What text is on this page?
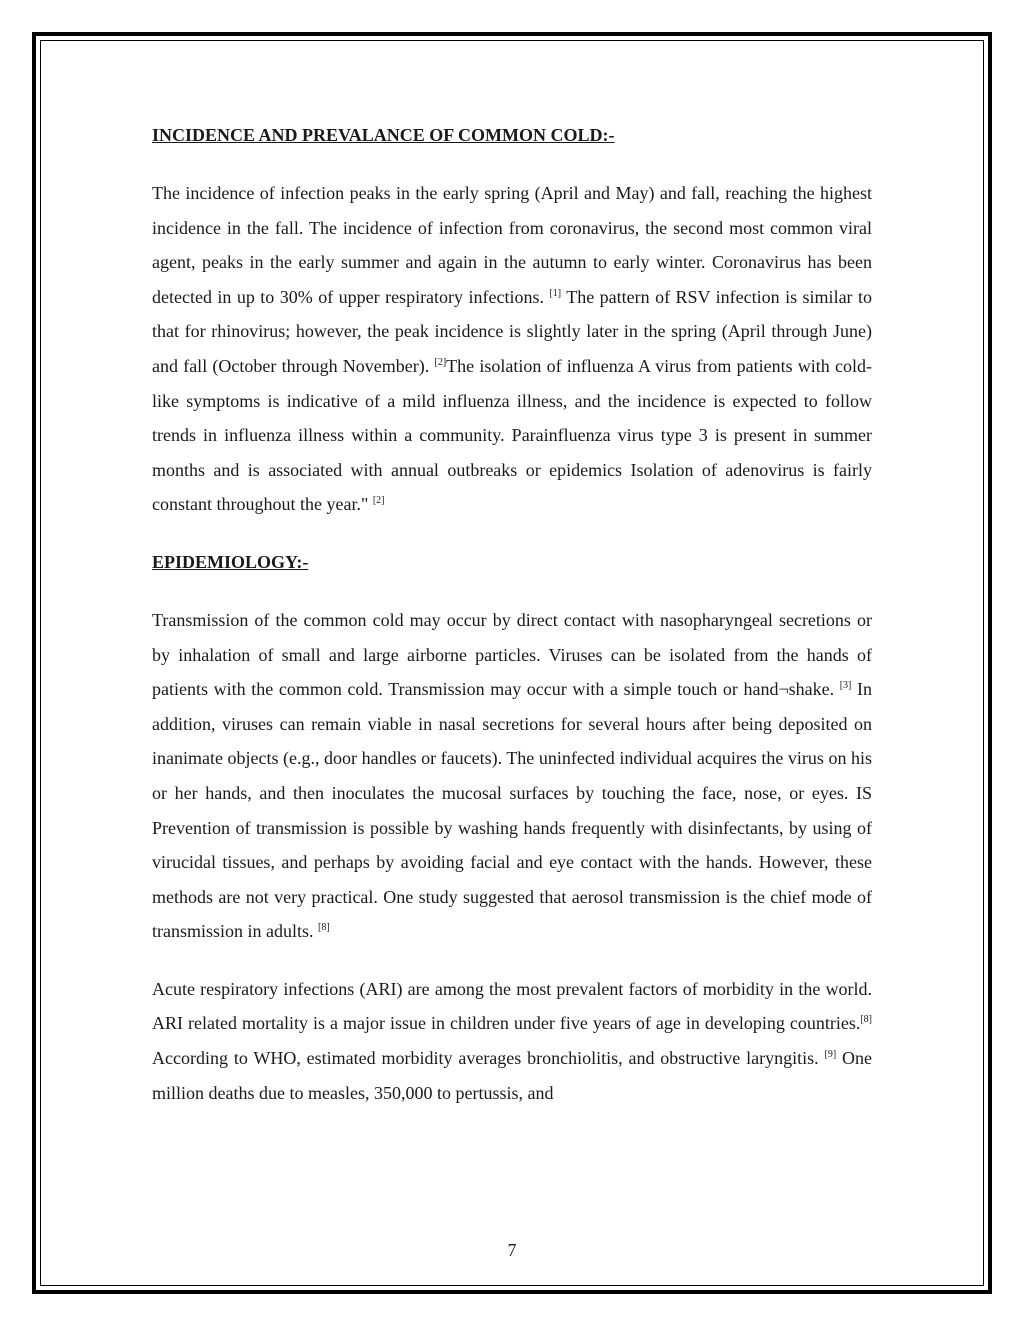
INCIDENCE AND PREVALANCE OF COMMON COLD:-
The incidence of infection peaks in the early spring (April and May) and fall, reaching the highest incidence in the fall. The incidence of infection from coronavirus, the second most common viral agent, peaks in the early summer and again in the autumn to early winter. Coronavirus has been detected in up to 30% of upper respiratory infections. [1] The pattern of RSV infection is similar to that for rhinovirus; however, the peak incidence is slightly later in the spring (April through June) and fall (October through November). [2]The isolation of influenza A virus from patients with cold-like symptoms is indicative of a mild influenza illness, and the incidence is expected to follow trends in influenza illness within a community. Parainfluenza virus type 3 is present in summer months and is associated with annual outbreaks or epidemics Isolation of adenovirus is fairly constant throughout the year." [2]
EPIDEMIOLOGY:-
Transmission of the common cold may occur by direct contact with nasopharyngeal secretions or by inhalation of small and large airborne particles. Viruses can be isolated from the hands of patients with the common cold. Transmission may occur with a simple touch or hand¬shake. [3] In addition, viruses can remain viable in nasal secretions for several hours after being deposited on inanimate objects (e.g., door handles or faucets). The uninfected individual acquires the virus on his or her hands, and then inoculates the mucosal surfaces by touching the face, nose, or eyes. IS Prevention of transmission is possible by washing hands frequently with disinfectants, by using of virucidal tissues, and perhaps by avoiding facial and eye contact with the hands. However, these methods are not very practical. One study suggested that aerosol transmission is the chief mode of transmission in adults. [8]
Acute respiratory infections (ARI) are among the most prevalent factors of morbidity in the world. ARI related mortality is a major issue in children under five years of age in developing countries.[8] According to WHO, estimated morbidity averages bronchiolitis, and obstructive laryngitis. [9] One million deaths due to measles, 350,000 to pertussis, and
7
